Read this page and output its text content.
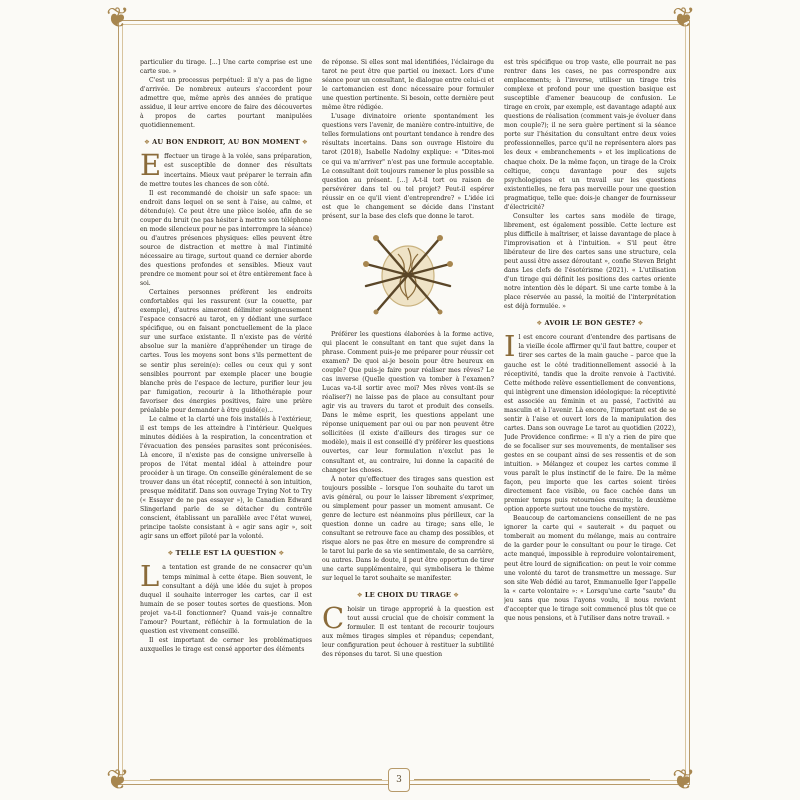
❦	❦
❦	❦

particulier du tirage. [...] Une carte comprise est une carte sue. »

C'est un processus perpétuel: il n'y a pas de ligne d'arrivée. De nombreux auteurs s'accordent pour admettre que, même après des années de pratique assidue, il leur arrive encore de faire des découvertes à propos de cartes pourtant manipulées quotidiennement.

❖ AU BON ENDROIT, AU BON MOMENT ❖

Effectuer un tirage à la volée, sans préparation, est susceptible de donner des résultats incertains. Mieux vaut préparer le terrain afin de mettre toutes les chances de son côté.

Il est recommandé de choisir un safe space: un endroit dans lequel on se sent à l'aise, au calme, et détendu(e). Ce peut être une pièce isolée, afin de se couper du bruit (ne pas hésiter à mettre son téléphone en mode silencieux pour ne pas interrompre la séance) ou d'autres présences physiques: elles peuvent être source de distraction et mettre à mal l'intimité nécessaire au tirage, surtout quand ce dernier aborde des questions profondes et sensibles. Mieux vaut prendre ce moment pour soi et être entièrement face à soi.

Certaines personnes préfèrent les endroits confortables qui les rassurent (sur la couette, par exemple), d'autres aimeront délimiter soigneusement l'espace consacré au tarot, en y dédiant une surface spécifique, ou en faisant ponctuellement de la place sur une surface existante. Il n'existe pas de vérité absolue sur la manière d'appréhender un tirage de cartes. Tous les moyens sont bons s'ils permettent de se sentir plus serein(e): celles ou ceux qui y sont sensibles pourront par exemple placer une bougie blanche près de l'espace de lecture, purifier leur jeu par fumigation, recourir à la lithothérapie pour favoriser des énergies positives, faire une prière préalable pour demander à être guidé(e)...

Le calme et la clarté une fois installés à l'extérieur, il est temps de les atteindre à l'intérieur. Quelques minutes dédiées à la respiration, la concentration et l'évacuation des pensées parasites sont préconisées. Là encore, il n'existe pas de consigne universelle à propos de l'état mental idéal à atteindre pour procéder à un tirage. On conseille généralement de se trouver dans un état réceptif, connecté à son intuition, presque méditatif. Dans son ouvrage Trying Not to Try (« Essayer de ne pas essayer »), le Canadien Edward Slingerland parle de se détacher du contrôle conscient, établissant un parallèle avec l'état wuwei, principe taoïste consistant à « agir sans agir », soit agir sans un effort piloté par la volonté.

❖ TELLE EST LA QUESTION ❖

La tentation est grande de ne consacrer qu'un temps minimal à cette étape. Bien souvent, le consultant a déjà une idée du sujet à propos duquel il souhaite interroger les cartes, car il est humain de se poser toutes sortes de questions. Mon projet va-t-il fonctionner? Quand vais-je connaître l'amour? Pourtant, réfléchir à la formulation de la question est vivement conseillé.

Il est important de cerner les problématiques auxquelles le tirage est censé apporter des éléments

de réponse. Si elles sont mal identifiées, l'éclairage du tarot ne peut être que partiel ou inexact. Lors d'une séance pour un consultant, le dialogue entre celui-ci et le cartomancien est donc nécessaire pour formuler une question pertinente. Si besoin, cette dernière peut même être rédigée.

L'usage divinatoire oriente spontanément les questions vers l'avenir, de manière contre-intuitive, de telles formulations ont pourtant tendance à rendre des résultats incertains. Dans son ouvrage Histoire du tarot (2018), Isabelle Nadolny explique: « "Dites-moi ce qui va m'arriver" n'est pas une formule acceptable. Le consultant doit toujours ramener le plus possible sa question au présent. [...] A-t-il tort ou raison de persévérer dans tel ou tel projet? Peut-il espérer réussir en ce qu'il vient d'entreprendre? » L'idée ici est que le changement se décide dans l'instant présent, sur la base des clefs que donne le tarot.

Préférer les questions élaborées à la forme active, qui placent le consultant en tant que sujet dans la phrase. Comment puis-je me préparer pour réussir cet examen? De quoi ai-je besoin pour être heureux en couple? Que puis-je faire pour réaliser mes rêves? Le cas inverse (Quelle question va tomber à l'examen? Lucas va-t-il sortir avec moi? Mes rêves vont-ils se réaliser?) ne laisse pas de place au consultant pour agir vis au travers du tarot et produit des conseils. Dans le même esprit, les questions appelant une réponse uniquement par oui ou par non peuvent être sollicitées (il existe d'ailleurs des tirages sur ce modèle), mais il est conseillé d'y préférer les questions ouvertes, car leur formulation n'exclut pas le consultant et, au contraire, lui donne la capacité de changer les choses.

À noter qu'effectuer des tirages sans question est toujours possible – lorsque l'on souhaite du tarot un avis général, ou pour le laisser librement s'exprimer, ou simplement pour passer un moment amusant. Ce genre de lecture est néanmoins plus périlleux, car la question donne un cadre au tirage; sans elle, le consultant se retrouve face au champ des possibles, et risque alors ne pas être en mesure de comprendre si le tarot lui parle de sa vie sentimentale, de sa carrière, ou autres. Dans le doute, il peut être opportun de tirer une carte supplémentaire, qui symbolisera le thème sur lequel le tarot souhaite se manifester.

❖ LE CHOIX DU TIRAGE ❖

Choisir un tirage approprié à la question est tout aussi crucial que de choisir comment la formuler. Il est tentant de recourir toujours aux mêmes tirages simples et répandus; cependant, leur configuration peut échouer à restituer la subtilité des réponses du tarot. Si une question

est très spécifique ou trop vaste, elle pourrait ne pas rentrer dans les cases, ne pas correspondre aux emplacements; à l'inverse, utiliser un tirage très complexe et profond pour une question basique est susceptible d'amener beaucoup de confusion. Le tirage en croix, par exemple, est davantage adapté aux questions de réalisation (comment vais-je évoluer dans mon couple?); il ne sera guère pertinent si la séance porte sur l'hésitation du consultant entre deux voies professionnelles, parce qu'il ne représentera alors pas les deux « embranchements » et les implications de chaque choix. De la même façon, un tirage de la Croix celtique, conçu davantage pour des sujets psychologiques et un travail sur les questions existentielles, ne fera pas merveille pour une question pragmatique, telle que: dois-je changer de fournisseur d'électricité?

Consulter les cartes sans modèle de tirage, librement, est également possible. Cette lecture est plus difficile à maîtriser, et laisse davantage de place à l'improvisation et à l'intuition. « S'il peut être libérateur de lire des cartes sans une structure, cela peut aussi être assez déroutant », confie Steven Bright dans Les clefs de l'ésotérisme (2021). « L'utilisation d'un tirage qui définit les positions des cartes oriente notre intention dès le départ. Si une carte tombe à la place réservée au passé, la moitié de l'interprétation est déjà formulée. »

❖ AVOIR LE BON GESTE? ❖

Il est encore courant d'entendre des partisans de la vieille école affirmer qu'il faut battre, couper et tirer ses cartes de la main gauche – parce que la gauche est le côté traditionnellement associé à la réceptivité, tandis que la droite renvoie à l'activité. Cette méthode relève essentiellement de conventions, qui intègrent une dimension idéologique: la réceptivité est associée au féminin et au passé, l'activité au masculin et à l'avenir. Là encore, l'important est de se sentir à l'aise et ouvert lors de la manipulation des cartes. Dans son ouvrage Le tarot au quotidien (2022), Jude Providence confirme: « Il n'y a rien de pire que de se focaliser sur ses mouvements, de mentaliser ses gestes en se coupant ainsi de ses ressentis et de son intuition. » Mélangez et coupez les cartes comme il vous paraît le plus instinctif de le faire. De la même façon, peu importe que les cartes soient tirées directement face visible, ou face cachée dans un premier temps puis retournées ensuite; la deuxième option apporte surtout une touche de mystère.

Beaucoup de cartomanciens conseillent de ne pas ignorer la carte qui « sauterait » du paquet ou tomberait au moment du mélange, mais au contraire de la garder pour le consultant ou pour le tirage. Cet acte manqué, impossible à reproduire volontairement, peut être lourd de signification: on peut le voir comme une volonté du tarot de transmettre un message. Sur son site Web dédié au tarot, Emmanuelle Iger l'appelle la « carte volontaire »: « Lorsqu'une carte "saute" du jeu sans que nous l'ayons voulu, il nous revient d'accepter que le tirage soit commencé plus tôt que ce que nous pensions, et à l'utiliser dans notre travail. »

3
